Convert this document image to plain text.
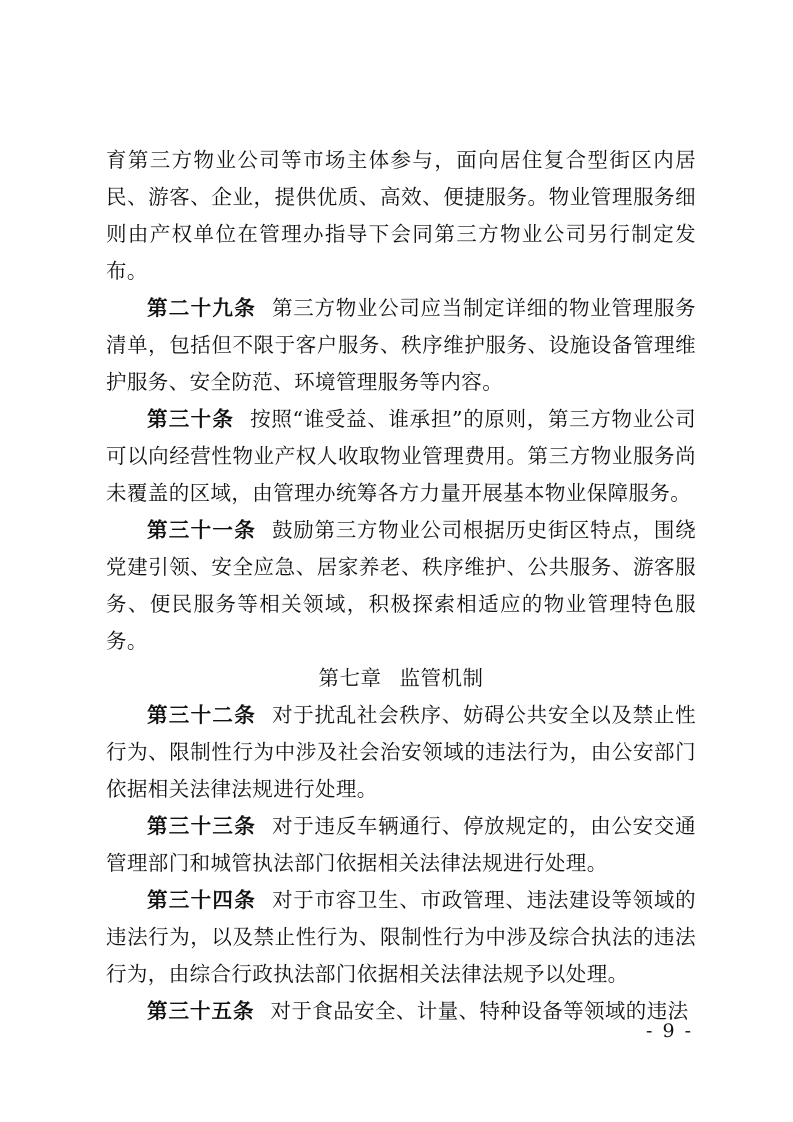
育第三方物业公司等市场主体参与，面向居住复合型街区内居民、游客、企业，提供优质、高效、便捷服务。物业管理服务细则由产权单位在管理办指导下会同第三方物业公司另行制定发布。

第二十九条 第三方物业公司应当制定详细的物业管理服务清单，包括但不限于客户服务、秩序维护服务、设施设备管理维护服务、安全防范、环境管理服务等内容。

第三十条 按照“谁受益、谁承担”的原则，第三方物业公司可以向经营性物业产权人收取物业管理费用。第三方物业服务尚未覆盖的区域，由管理办统筹各方力量开展基本物业保障服务。

第三十一条 鼓励第三方物业公司根据历史街区特点，围绕党建引领、安全应急、居家养老、秩序维护、公共服务、游客服务、便民服务等相关领域，积极探索相适应的物业管理特色服务。

第七章 监管机制

第三十二条 对于扰乱社会秩序、妨碍公共安全以及禁止性行为、限制性行为中涉及社会治安领域的违法行为，由公安部门依据相关法律法规进行处理。

第三十三条 对于违反车辆通行、停放规定的，由公安交通管理部门和城管执法部门依据相关法律法规进行处理。

第三十四条 对于市容卫生、市政管理、违法建设等领域的违法行为，以及禁止性行为、限制性行为中涉及综合执法的违法行为，由综合行政执法部门依据相关法律法规予以处理。

第三十五条 对于食品安全、计量、特种设备等领域的违法

- 9 -
